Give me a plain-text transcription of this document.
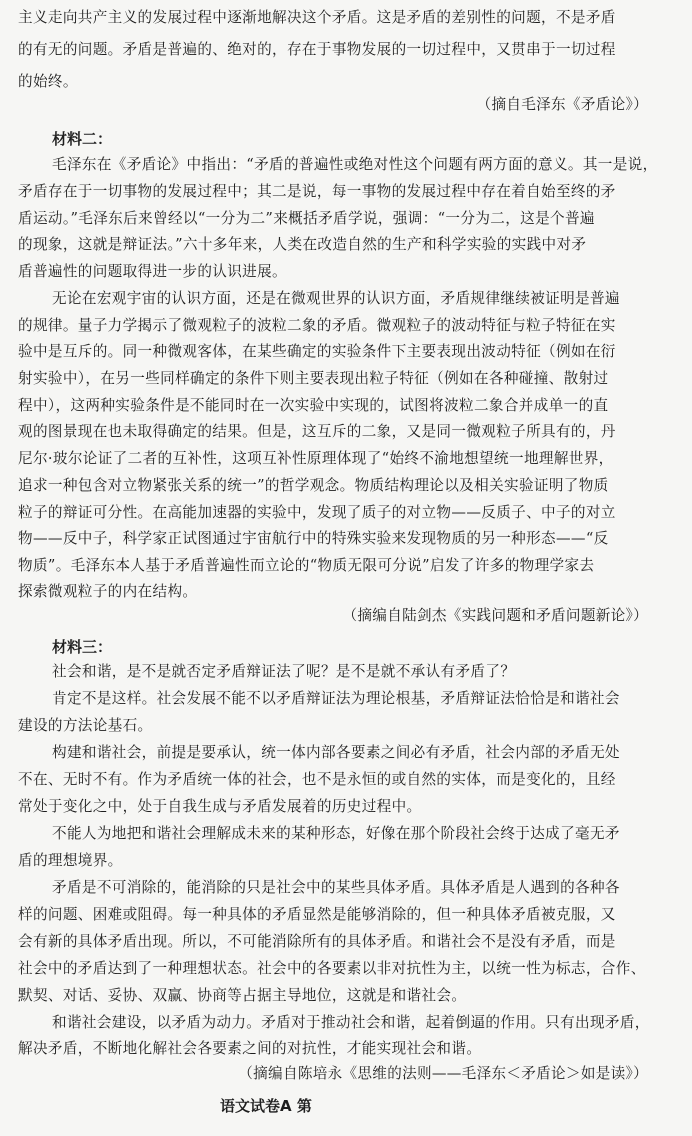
主义走向共产主义的发展过程中逐渐地解决这个矛盾。这是矛盾的差别性的问题，不是矛盾
的有无的问题。矛盾是普遍的、绝对的，存在于事物发展的一切过程中，又贯串于一切过程
的始终。
（摘自毛泽东《矛盾论》）
材料二：
毛泽东在《矛盾论》中指出：“矛盾的普遍性或绝对性这个问题有两方面的意义。其一是说，
矛盾存在于一切事物的发展过程中；其二是说，每一事物的发展过程中存在着自始至终的矛
盾运动。”毛泽东后来曾经以“一分为二”来概括矛盾学说，强调：“一分为二，这是个普遍
的现象，这就是辩证法。”六十多年来，人类在改造自然的生产和科学实验的实践中对矛
盾普遍性的问题取得进一步的认识进展。
无论在宏观宇宙的认识方面，还是在微观世界的认识方面，矛盾规律继续被证明是普遍
的规律。量子力学揭示了微观粒子的波粒二象的矛盾。微观粒子的波动特征与粒子特征在实
验中是互斥的。同一种微观客体，在某些确定的实验条件下主要表现出波动特征（例如在衍
射实验中），在另一些同样确定的条件下则主要表现出粒子特征（例如在各种碰撞、散射过
程中），这两种实验条件是不能同时在一次实验中实现的，试图将波粒二象合并成单一的直
观的图景现在也未取得确定的结果。但是，这互斥的二象，又是同一微观粒子所具有的，丹
尼尔·玻尔论证了二者的互补性，这项互补性原理体现了“始终不渝地想望统一地理解世界，
追求一种包含对立物紧张关系的统一”的哲学观念。物质结构理论以及相关实验证明了物质
粒子的辩证可分性。在高能加速器的实验中，发现了质子的对立物——反质子、中子的对立
物——反中子，科学家正试图通过宇宙航行中的特殊实验来发现物质的另一种形态——“反
物质”。毛泽东本人基于矛盾普遍性而立论的“物质无限可分说”启发了许多的物理学家去
探索微观粒子的内在结构。
（摘编自陆剑杰《实践问题和矛盾问题新论》）
材料三：
社会和谐，是不是就否定矛盾辩证法了呢？是不是就不承认有矛盾了？
肯定不是这样。社会发展不能不以矛盾辩证法为理论根基，矛盾辩证法恰恰是和谐社会
建设的方法论基石。
构建和谐社会，前提是要承认，统一体内部各要素之间必有矛盾，社会内部的矛盾无处
不在、无时不有。作为矛盾统一体的社会，也不是永恒的或自然的实体，而是变化的，且经
常处于变化之中，处于自我生成与矛盾发展着的历史过程中。
不能人为地把和谐社会理解成未来的某种形态，好像在那个阶段社会终于达成了毫无矛
盾的理想境界。
矛盾是不可消除的，能消除的只是社会中的某些具体矛盾。具体矛盾是人遇到的各种各
样的问题、困难或阻碍。每一种具体的矛盾显然是能够消除的，但一种具体矛盾被克服，又
会有新的具体矛盾出现。所以，不可能消除所有的具体矛盾。和谐社会不是没有矛盾，而是
社会中的矛盾达到了一种理想状态。社会中的各要素以非对抗性为主，以统一性为标志，合作、
默契、对话、妥协、双赢、协商等占据主导地位，这就是和谐社会。
和谐社会建设，以矛盾为动力。矛盾对于推动社会和谐，起着倒逼的作用。只有出现矛盾，
解决矛盾，不断地化解社会各要素之间的对抗性，才能实现社会和谐。
（摘编自陈培永《思维的法则——毛泽东＜矛盾论＞如是读》）
语文试卷A 第
